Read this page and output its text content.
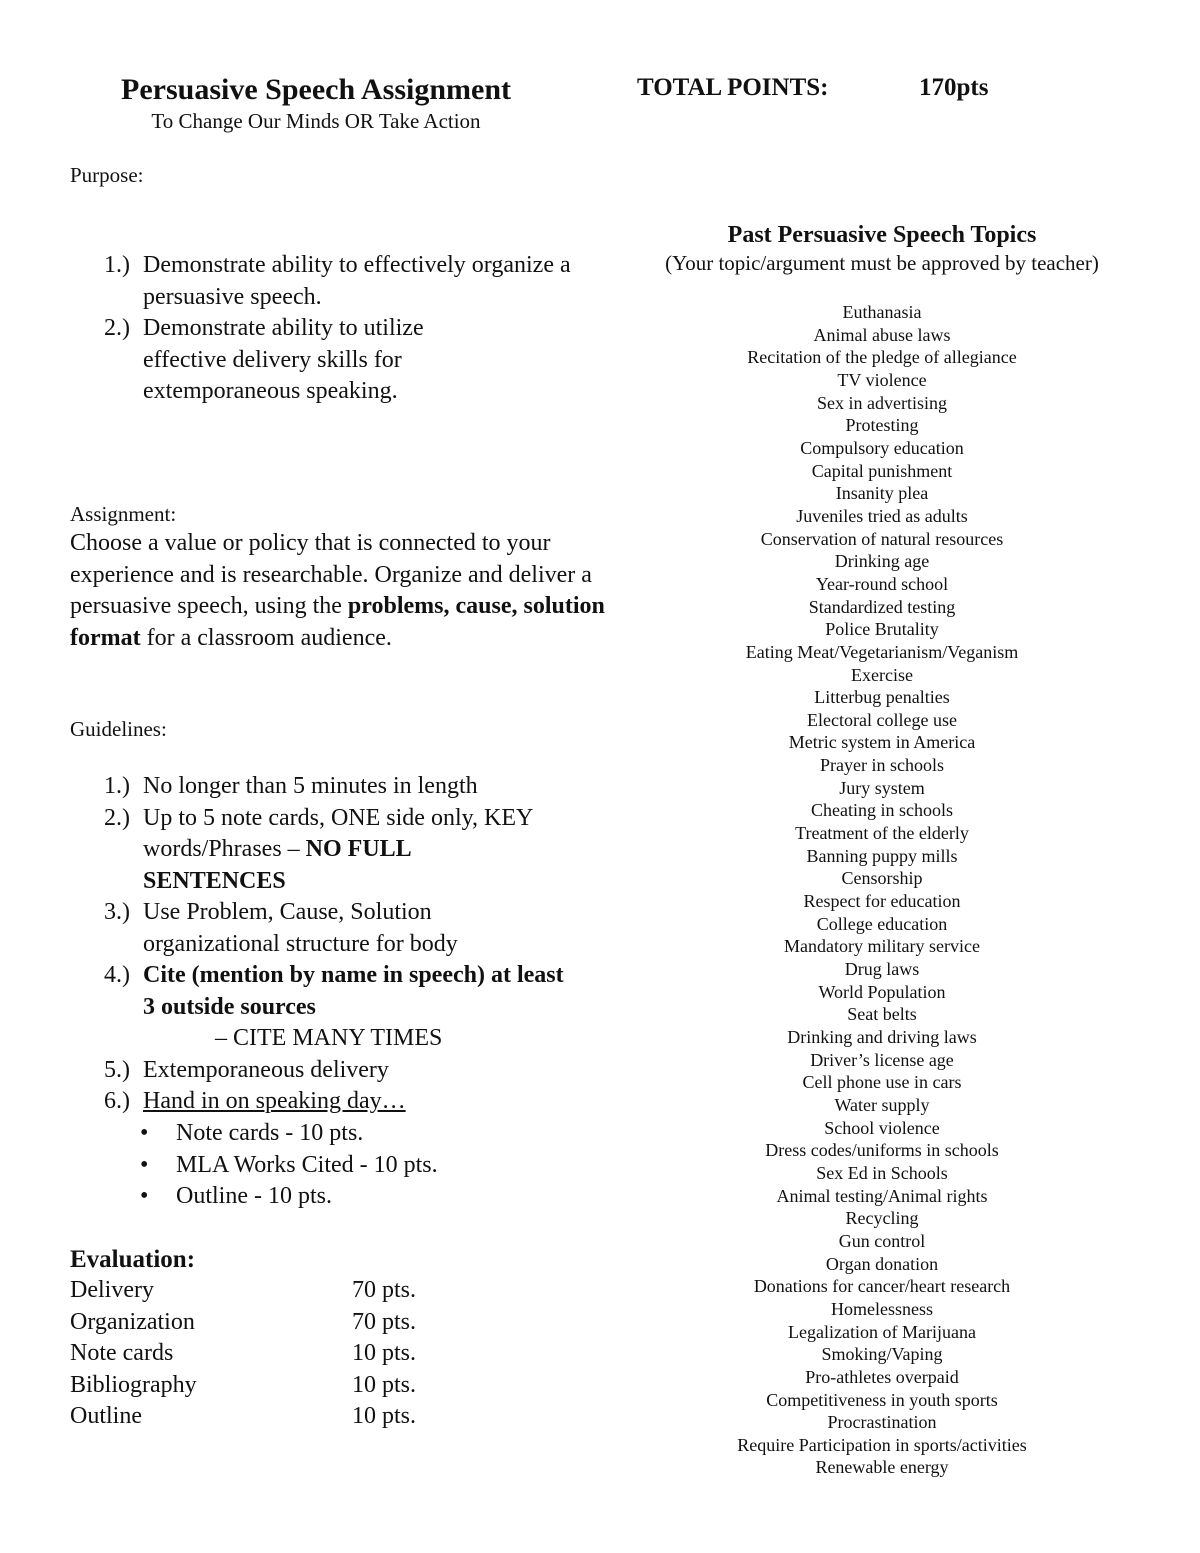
Persuasive Speech Assignment
To Change Our Minds OR Take Action
TOTAL POINTS:	170pts
Purpose:
1.) Demonstrate ability to effectively organize a persuasive speech.
2.) Demonstrate ability to utilize effective delivery skills for extemporaneous speaking.
Assignment:
Choose a value or policy that is connected to your experience and is researchable. Organize and deliver a persuasive speech, using the problems, cause, solution format for a classroom audience.
Guidelines:
1.) No longer than 5 minutes in length
2.) Up to 5 note cards, ONE side only, KEY words/Phrases – NO FULL SENTENCES
3.) Use Problem, Cause, Solution organizational structure for body
4.) Cite (mention by name in speech) at least 3 outside sources
– CITE MANY TIMES
5.) Extemporaneous delivery
6.) Hand in on speaking day…
• Note cards - 10 pts.
• MLA Works Cited - 10 pts.
• Outline - 10 pts.
Evaluation:
Delivery	70 pts.
Organization	70 pts.
Note cards	10 pts.
Bibliography	10 pts.
Outline	10 pts.
Past Persuasive Speech Topics
(Your topic/argument must be approved by teacher)
Euthanasia
Animal abuse laws
Recitation of the pledge of allegiance
TV violence
Sex in advertising
Protesting
Compulsory education
Capital punishment
Insanity plea
Juveniles tried as adults
Conservation of natural resources
Drinking age
Year-round school
Standardized testing
Police Brutality
Eating Meat/Vegetarianism/Veganism
Exercise
Litterbug penalties
Electoral college use
Metric system in America
Prayer in schools
Jury system
Cheating in schools
Treatment of the elderly
Banning puppy mills
Censorship
Respect for education
College education
Mandatory military service
Drug laws
World Population
Seat belts
Drinking and driving laws
Driver’s license age
Cell phone use in cars
Water supply
School violence
Dress codes/uniforms in schools
Sex Ed in Schools
Animal testing/Animal rights
Recycling
Gun control
Organ donation
Donations for cancer/heart research
Homelessness
Legalization of Marijuana
Smoking/Vaping
Pro-athletes overpaid
Competitiveness in youth sports
Procrastination
Require Participation in sports/activities
Renewable energy
